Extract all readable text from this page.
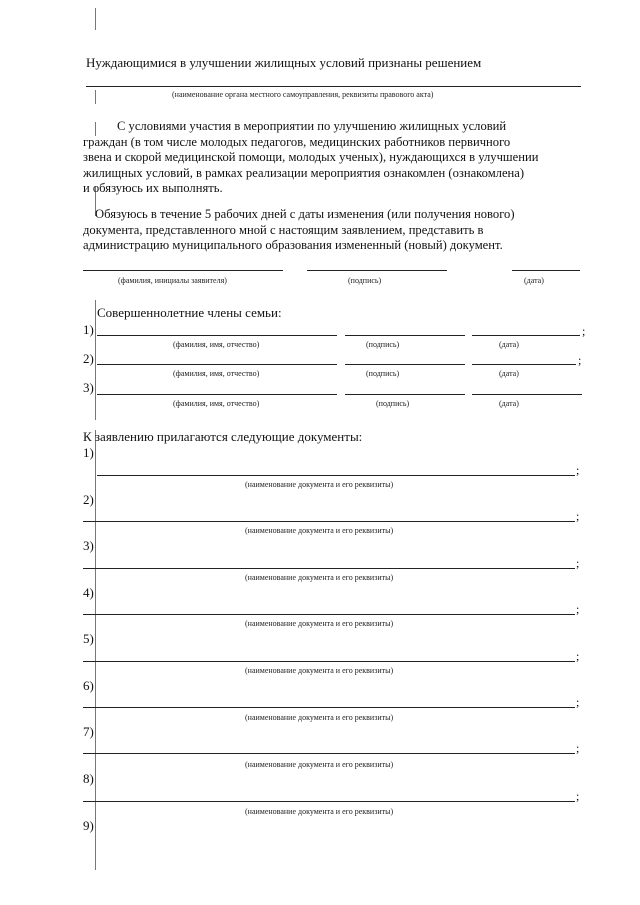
Нуждающимися в улучшении жилищных условий признаны решением
(наименование органа местного самоуправления, реквизиты правового акта)
С условиями участия в мероприятии по улучшению жилищных условий
граждан (в том числе молодых педагогов, медицинских работников первичного
звена и скорой медицинской помощи, молодых ученых), нуждающихся в улучшении
жилищных условий, в рамках реализации мероприятия ознакомлен (ознакомлена)
и обязуюсь их выполнять.
Обязуюсь в течение 5 рабочих дней с даты изменения (или получения нового)
документа, представленного мной с настоящим заявлением, представить в
администрацию муниципального образования измененный (новый) документ.
(фамилия, инициалы заявителя)	(подпись)	(дата)
Совершеннолетние члены семьи:
1)	;
(фамилия, имя, отчество)	(подпись)	(дата)
2)	;
(фамилия, имя, отчество)	(подпись)	(дата)
3)
(фамилия, имя, отчество)	(подпись)	(дата)
К заявлению прилагаются следующие документы:
1)
;
(наименование документа и его реквизиты)
2)
;
(наименование документа и его реквизиты)
3)
;
(наименование документа и его реквизиты)
4)
;
(наименование документа и его реквизиты)
5)
;
(наименование документа и его реквизиты)
6)
;
(наименование документа и его реквизиты)
7)
;
(наименование документа и его реквизиты)
8)
;
(наименование документа и его реквизиты)
9)
